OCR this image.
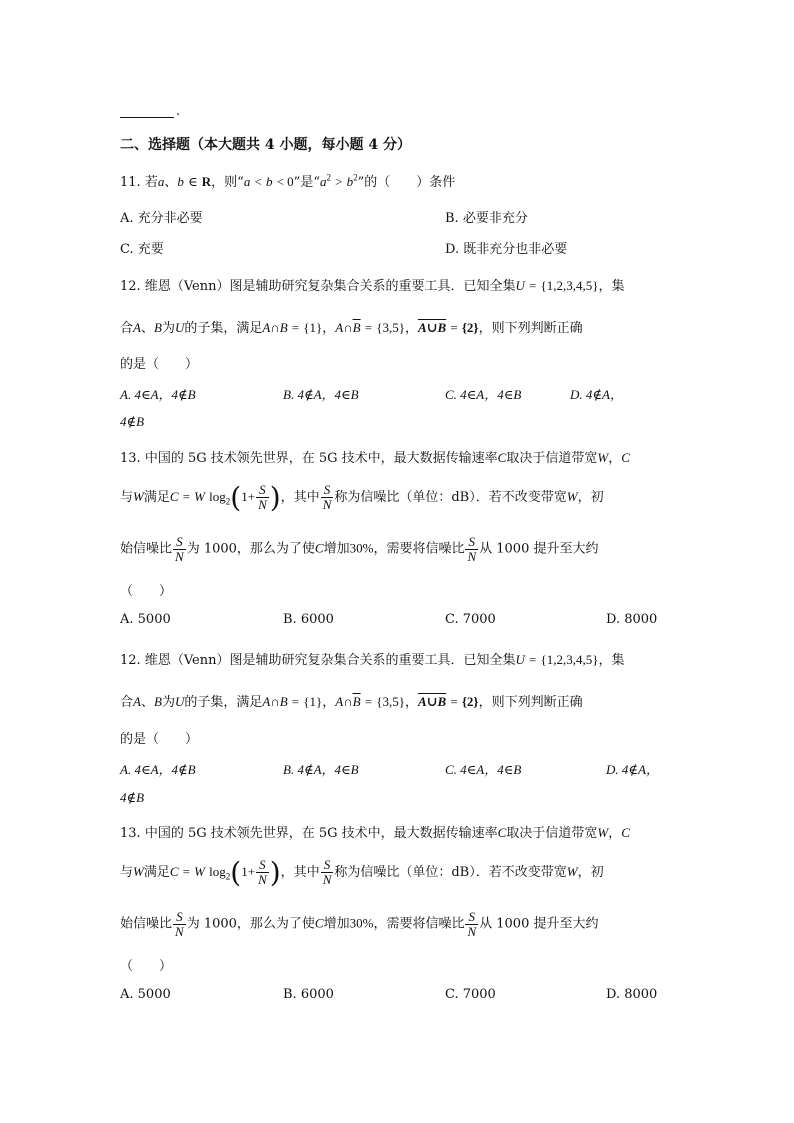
.
二、选择题（本大题共 4 小题，每小题 4 分）
11. 若a、b ∈ R，则“a < b < 0”是“$a^2 > b^2$”的（　　）条件
A. 充分非必要	B. 必要非充分
C. 充要	D. 既非充分也非必要
12. 维恩（Venn）图是辅助研究复杂集合关系的重要工具．已知全集U = {1,2,3,4,5}，集
合A、B为U的子集，满足A∩B = {1}，$A\cap\overline{B} = \{3,5\}$，A∪B = {2}，则下列判断正确
的是（　　）
A. 4∈A，4∉B	B. 4∉A，4∈B	C. 4∈A，4∈B	D. 4∉A，
4∉B
13. 中国的 5G 技术领先世界，在 5G 技术中，最大数据传输速率C取决于信道带宽W，C
与W满足C = W $\log_2(1+ \frac{S}{N}$ )，其中 $\frac{S}{N}$ 称为信噪比（单位：dB）．若不改变带宽W，初
始信噪比 $\frac{S}{N}$ 为 1000，那么为了使C增加30%，需要将信噪比 $\frac{S}{N}$ 从 1000 提升至大约
（　　）
A. 5000	B. 6000	C. 7000	D. 8000
12. 维恩（Venn）图是辅助研究复杂集合关系的重要工具．已知全集U = {1,2,3,4,5}，集
合A、B为U的子集，满足A∩B = {1}，$A\cap\overline{B} = \{3,5\}$，A∪B = {2}，则下列判断正确
的是（　　）
A. 4∈A，4∉B	B. 4∉A，4∈B	C. 4∈A，4∈B	D. 4∉A，
4∉B
13. 中国的 5G 技术领先世界，在 5G 技术中，最大数据传输速率C取决于信道带宽W，C
与W满足C = W $\log_2(1+ \frac{S}{N}$ )，其中 $\frac{S}{N}$ 称为信噪比（单位：dB）．若不改变带宽W，初
始信噪比 $\frac{S}{N}$ 为 1000，那么为了使C增加30%，需要将信噪比 $\frac{S}{N}$ 从 1000 提升至大约
（　　）
A. 5000	B. 6000	C. 7000	D. 8000
